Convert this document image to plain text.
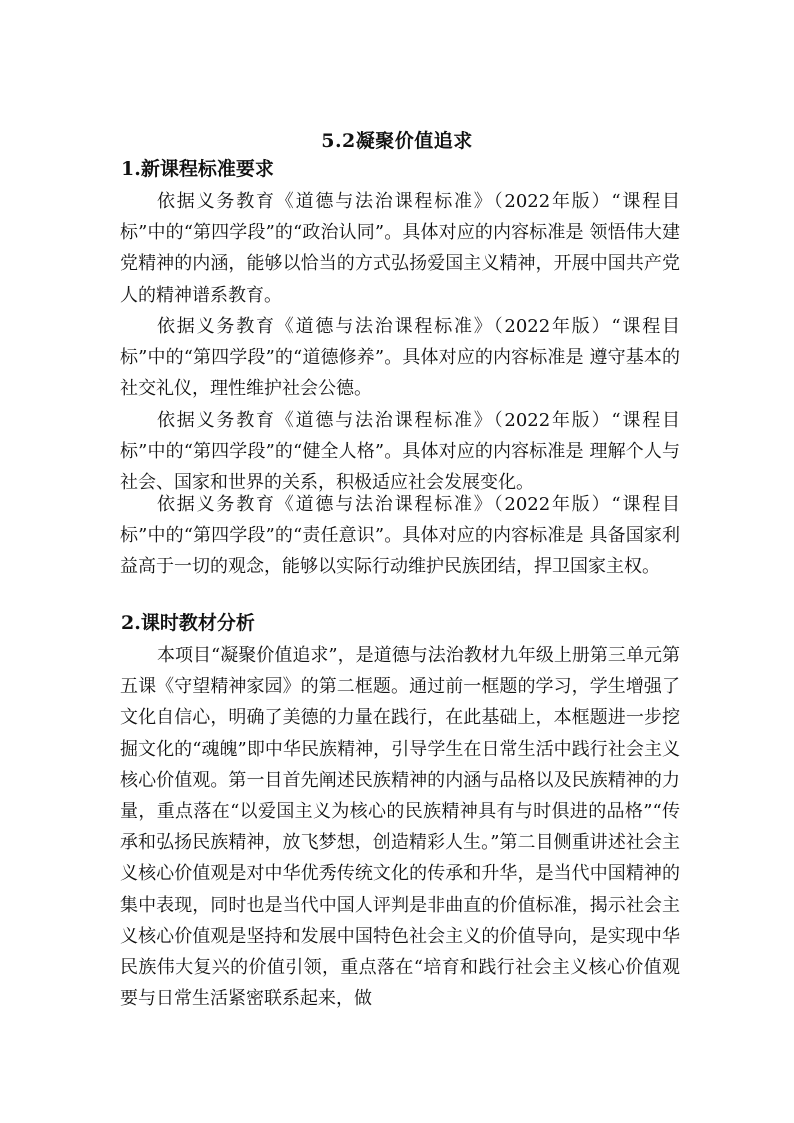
5.2凝聚价值追求
1.新课程标准要求

依据义务教育《道德与法治课程标准》（2022年版）“课程目标”中的“第四学段”的“政治认同”。具体对应的内容标准是 领悟伟大建党精神的内涵，能够以恰当的方式弘扬爱国主义精神，开展中国共产党人的精神谱系教育。

依据义务教育《道德与法治课程标准》（2022年版）“课程目标”中的“第四学段”的“道德修养”。具体对应的内容标准是 遵守基本的社交礼仪，理性维护社会公德。

依据义务教育《道德与法治课程标准》（2022年版）“课程目标”中的“第四学段”的“健全人格”。具体对应的内容标准是 理解个人与社会、国家和世界的关系，积极适应社会发展变化。

依据义务教育《道德与法治课程标准》（2022年版）“课程目标”中的“第四学段”的“责任意识”。具体对应的内容标准是 具备国家利益高于一切的观念，能够以实际行动维护民族团结，捍卫国家主权。

2.课时教材分析

本项目“凝聚价值追求”，是道德与法治教材九年级上册第三单元第五课《守望精神家园》的第二框题。通过前一框题的学习，学生增强了文化自信心，明确了美德的力量在践行，在此基础上，本框题进一步挖掘文化的“魂魄”即中华民族精神，引导学生在日常生活中践行社会主义核心价值观。第一目首先阐述民族精神的内涵与品格以及民族精神的力量，重点落在“以爱国主义为核心的民族精神具有与时俱进的品格”“传承和弘扬民族精神，放飞梦想，创造精彩人生。”第二目侧重讲述社会主义核心价值观是对中华优秀传统文化的传承和升华，是当代中国精神的集中表现，同时也是当代中国人评判是非曲直的价值标准，揭示社会主义核心价值观是坚持和发展中国特色社会主义的价值导向，是实现中华民族伟大复兴的价值引领，重点落在“培育和践行社会主义核心价值观 要与日常生活紧密联系起来，做
